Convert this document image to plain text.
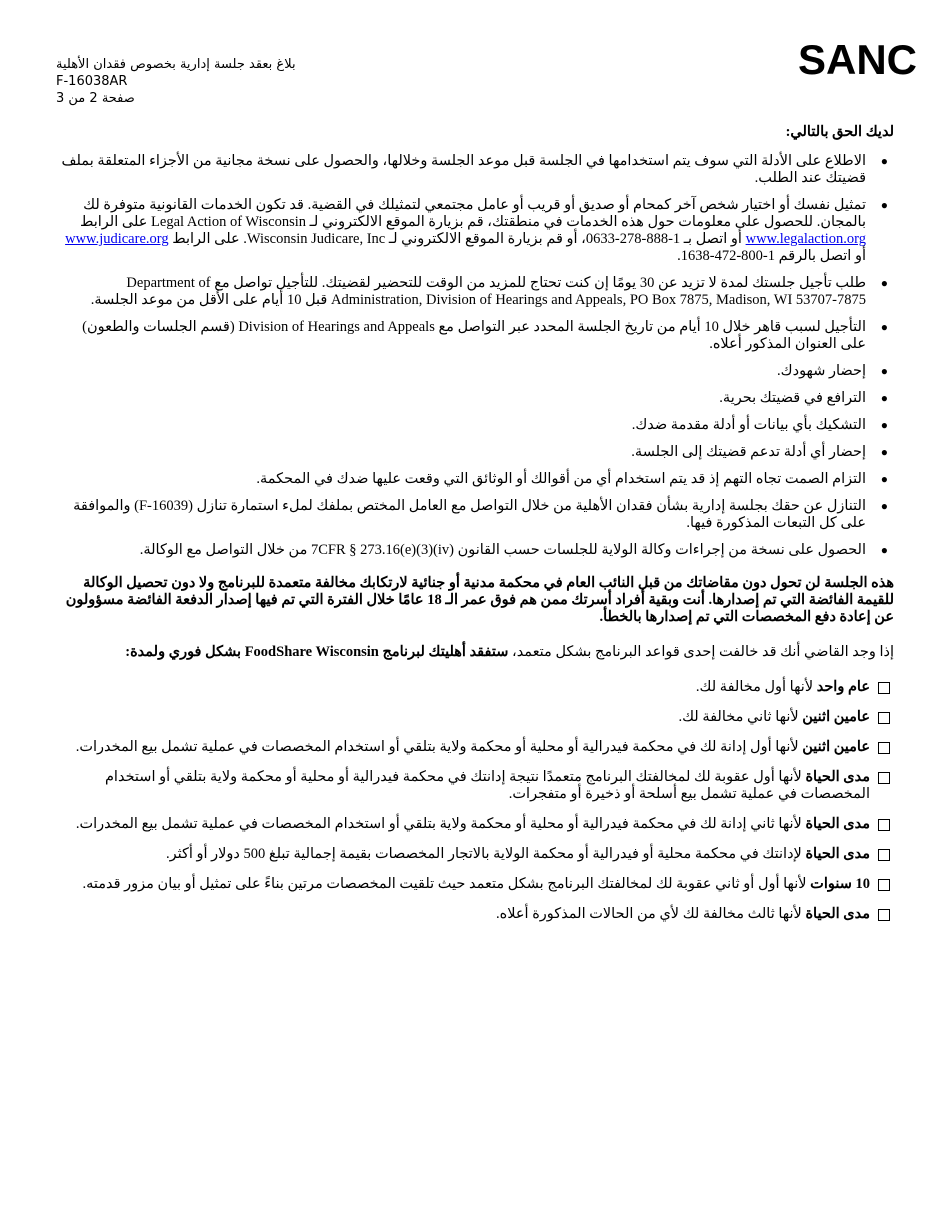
بلاغ بعقد جلسة إدارية بخصوص فقدان الأهلية
F-16038AR
صفحة 2 من 3
SANC
لديك الحق بالتالي:
●
الاطلاع على الأدلة التي سوف يتم استخدامها في الجلسة قبل موعد الجلسة وخلالها، والحصول على نسخة مجانية من الأجزاء المتعلقة بملف قضيتك عند الطلب.
●
تمثيل نفسك أو اختيار شخص آخر كمحام أو صديق أو قريب أو عامل مجتمعي لتمثيلك في القضية. قد تكون الخدمات القانونية متوفرة لك بالمجان. للحصول على معلومات حول هذه الخدمات في منطقتك، قم بزيارة الموقع الالكتروني لـ Legal Action of Wisconsin على الرابط www.legalaction.org أو اتصل بـ 1-888-278-0633، أو قم بزيارة الموقع الالكتروني لـ Wisconsin Judicare, Inc. على الرابط www.judicare.org أو اتصل بالرقم 1-800-472-1638.
●
طلب تأجيل جلستك لمدة لا تزيد عن 30 يومًا إن كنت تحتاج للمزيد من الوقت للتحضير لقضيتك. للتأجيل تواصل مع Department of Administration, Division of Hearings and Appeals, PO Box 7875, Madison, WI 53707-7875 قبل 10 أيام على الأقل من موعد الجلسة.
●
التأجيل لسبب قاهر خلال 10 أيام من تاريخ الجلسة المحدد عبر التواصل مع Division of Hearings and Appeals (قسم الجلسات والطعون) على العنوان المذكور أعلاه.
●
إحضار شهودك.
●
الترافع في قضيتك بحرية.
●
التشكيك بأي بيانات أو أدلة مقدمة ضدك.
●
إحضار أي أدلة تدعم قضيتك إلى الجلسة.
●
التزام الصمت تجاه التهم إذ قد يتم استخدام أي من أقوالك أو الوثائق التي وقعت عليها ضدك في المحكمة.
●
التنازل عن حقك بجلسة إدارية بشأن فقدان الأهلية من خلال التواصل مع العامل المختص بملفك لملء استمارة تنازل (F-16039) والموافقة على كل التبعات المذكورة فيها.
●
الحصول على نسخة من إجراءات وكالة الولاية للجلسات حسب القانون 7CFR § 273.16(e)(3)(iv) من خلال التواصل مع الوكالة.
هذه الجلسة لن تحول دون مقاضاتك من قبل النائب العام في محكمة مدنية أو جنائية لارتكابك مخالفة متعمدة للبرنامج ولا دون تحصيل الوكالة للقيمة الفائضة التي تم إصدارها. أنت وبقية أفراد أسرتك ممن هم فوق عمر الـ 18 عامًا خلال الفترة التي تم فيها إصدار الدفعة الفائضة مسؤولون عن إعادة دفع المخصصات التي تم إصدارها بالخطأ.
إذا وجد القاضي أنك قد خالفت إحدى قواعد البرنامج بشكل متعمد، ستفقد أهليتك لبرنامج FoodShare Wisconsin بشكل فوري ولمدة:
عام واحد لأنها أول مخالفة لك.
عامين اثنين لأنها ثاني مخالفة لك.
عامين اثنين لأنها أول إدانة لك في محكمة فيدرالية أو محلية أو محكمة ولاية بتلقي أو استخدام المخصصات في عملية تشمل بيع المخدرات.
مدى الحياة لأنها أول عقوبة لك لمخالفتك البرنامج متعمدًا نتيجة إدانتك في محكمة فيدرالية أو محلية أو محكمة ولاية بتلقي أو استخدام المخصصات في عملية تشمل بيع أسلحة أو ذخيرة أو متفجرات.
مدى الحياة لأنها ثاني إدانة لك في محكمة فيدرالية أو محلية أو محكمة ولاية بتلقي أو استخدام المخصصات في عملية تشمل بيع المخدرات.
مدى الحياة لإدانتك في محكمة محلية أو فيدرالية أو محكمة الولاية بالاتجار المخصصات بقيمة إجمالية تبلغ 500 دولار أو أكثر.
10 سنوات لأنها أول أو ثاني عقوبة لك لمخالفتك البرنامج بشكل متعمد حيث تلقيت المخصصات مرتين بناءً على تمثيل أو بيان مزور قدمته.
مدى الحياة لأنها ثالث مخالفة لك لأي من الحالات المذكورة أعلاه.
